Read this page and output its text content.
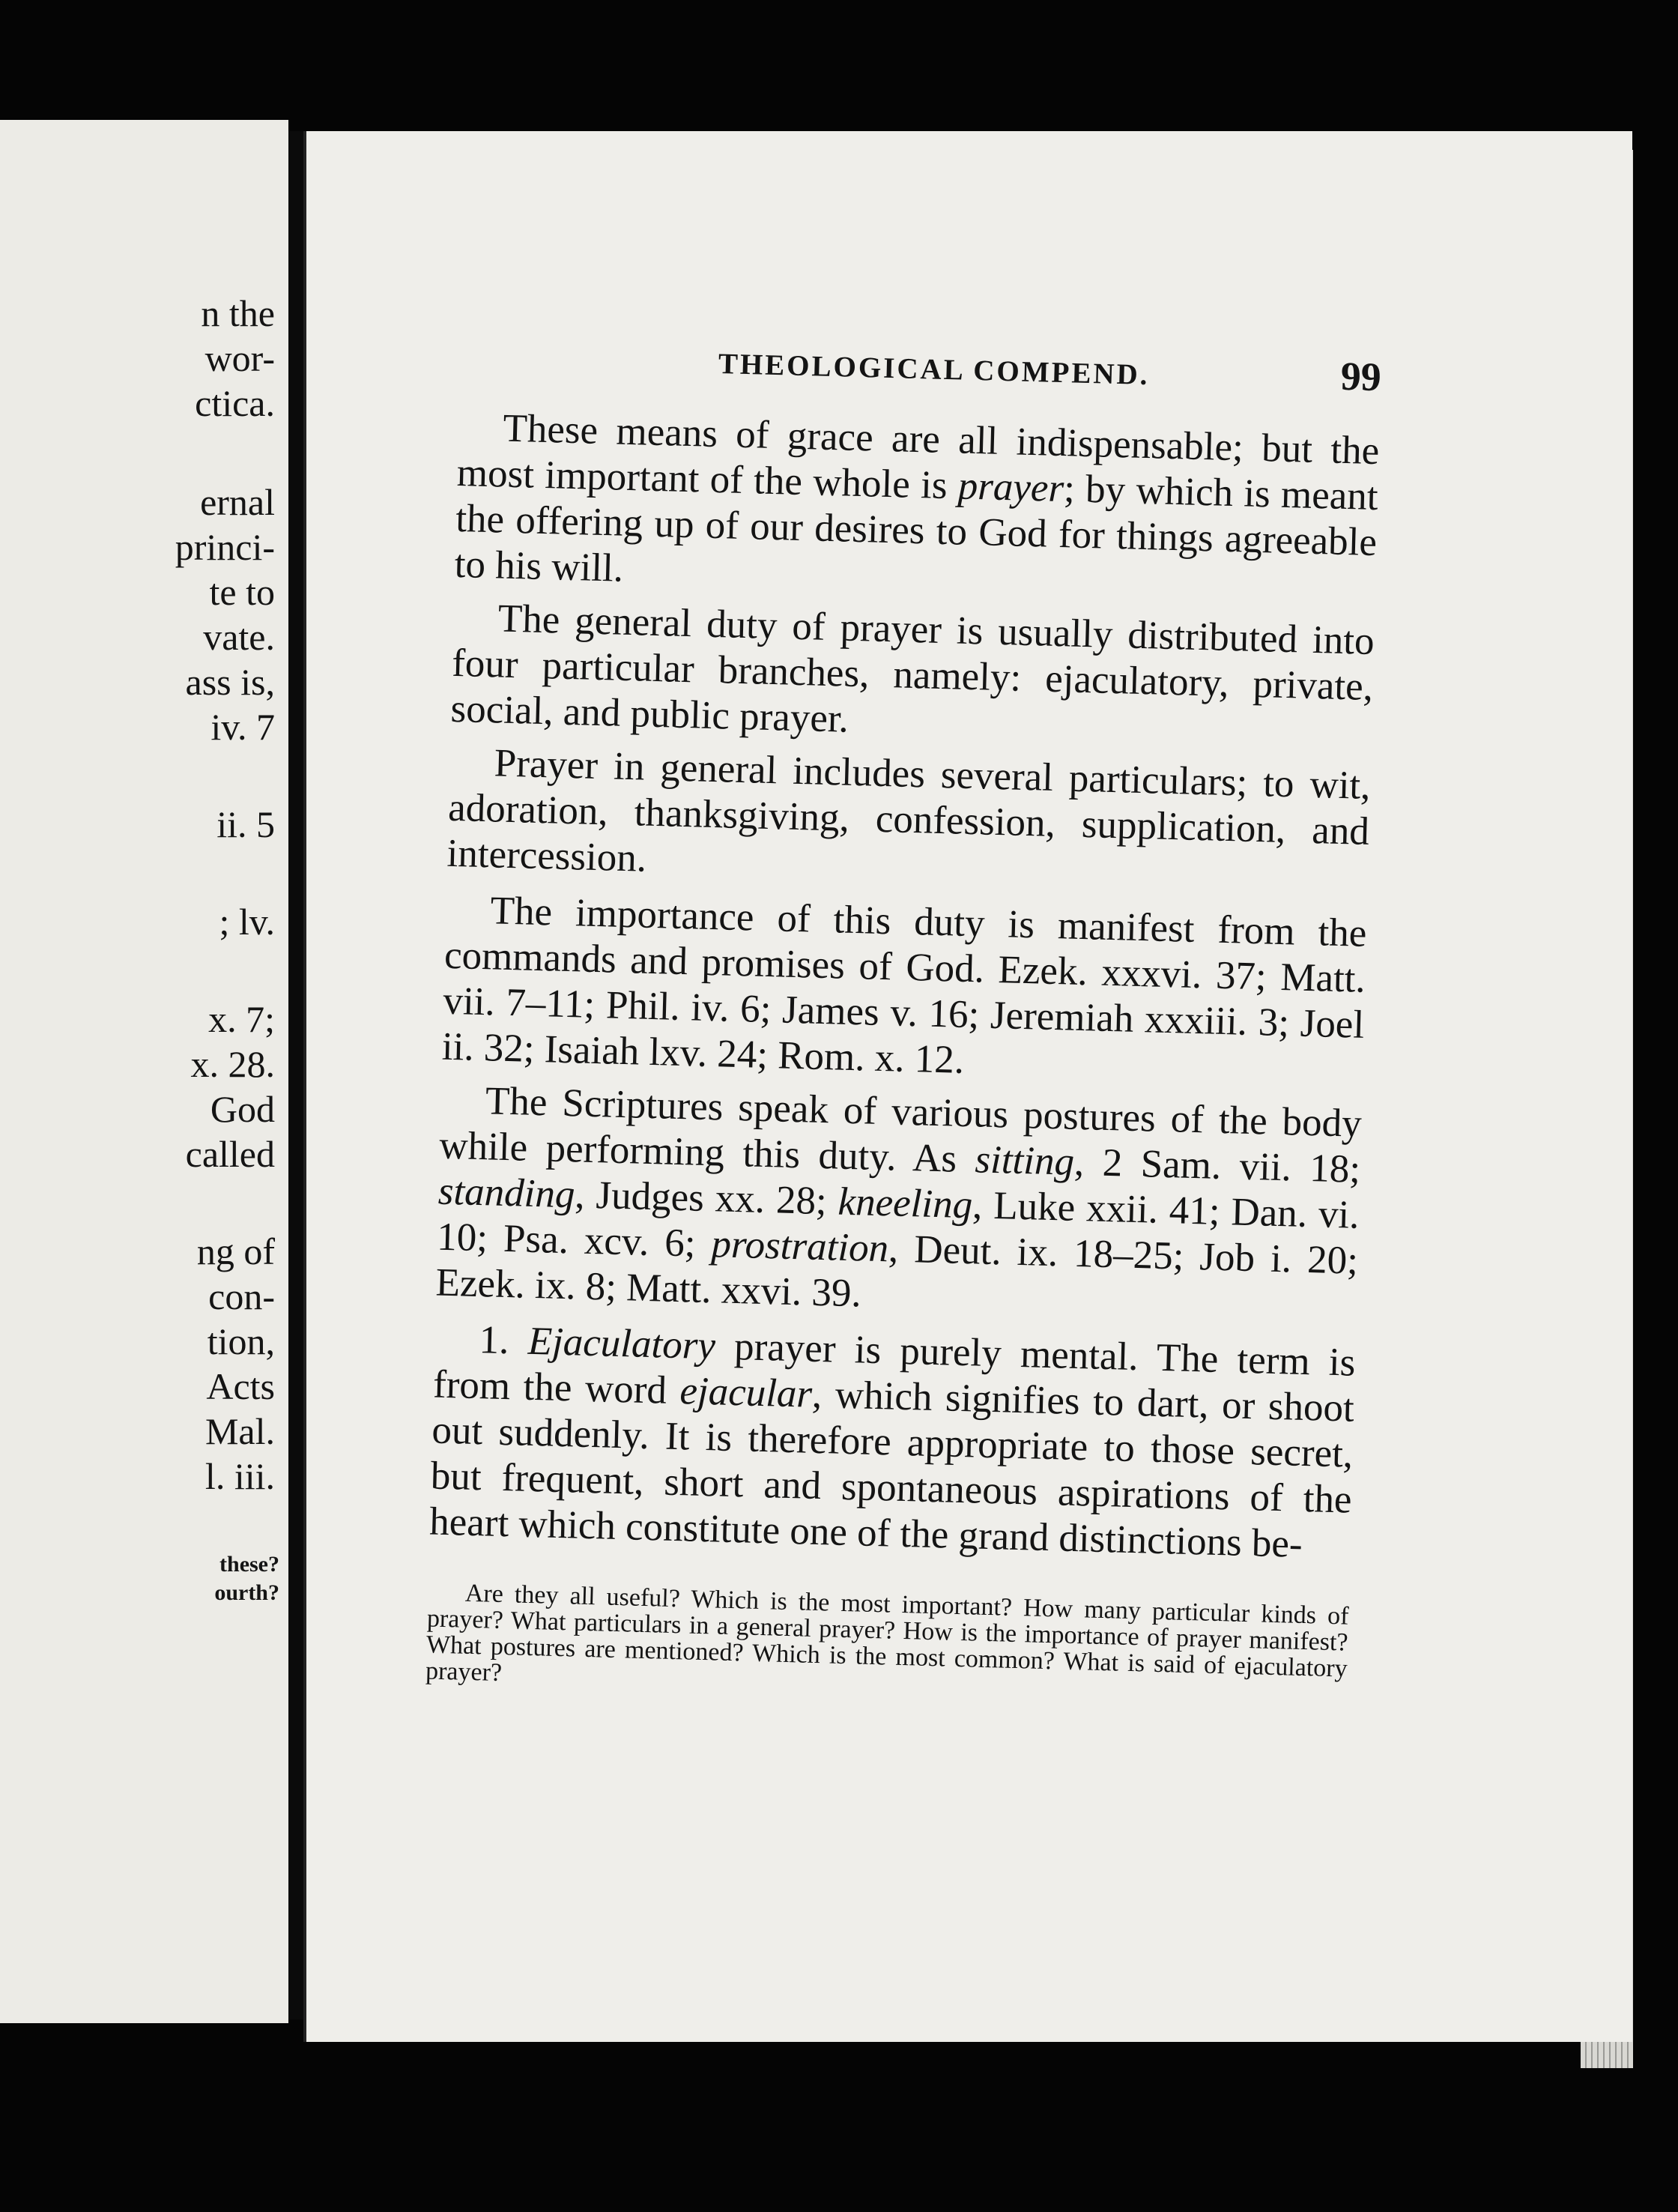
n the
wor-
ctica.
ernal
princi-
te to
vate.
ass is,
iv. 7
ii. 5
; lv.
x. 7;
x. 28.
God
called
ng of
con-
tion,
Acts
Mal.
l. iii.
these?
ourth?
THEOLOGICAL COMPEND.	99

These means of grace are all indispensable; but the most important of the whole is prayer; by which is meant the offering up of our desires to God for things agreeable to his will.

The general duty of prayer is usually distributed into four particular branches, namely: ejaculatory, private, social, and public prayer.

Prayer in general includes several particulars; to wit, adoration, thanksgiving, confession, supplication, and intercession.

The importance of this duty is manifest from the commands and promises of God. Ezek. xxxvi. 37; Matt. vii. 7–11; Phil. iv. 6; James v. 16; Jeremiah xxxiii. 3; Joel ii. 32; Isaiah lxv. 24; Rom. x. 12.

The Scriptures speak of various postures of the body while performing this duty. As sitting, 2 Sam. vii. 18; standing, Judges xx. 28; kneeling, Luke xxii. 41; Dan. vi. 10; Psa. xcv. 6; prostration, Deut. ix. 18–25; Job i. 20; Ezek. ix. 8; Matt. xxvi. 39.

1. Ejaculatory prayer is purely mental. The term is from the word ejacular, which signifies to dart, or shoot out suddenly. It is therefore appropriate to those secret, but frequent, short and spontaneous aspirations of the heart which constitute one of the grand distinctions be-

Are they all useful? Which is the most important? How many particular kinds of prayer? What particulars in a general prayer? How is the importance of prayer manifest? What postures are mentioned? Which is the most common? What is said of ejaculatory prayer?
